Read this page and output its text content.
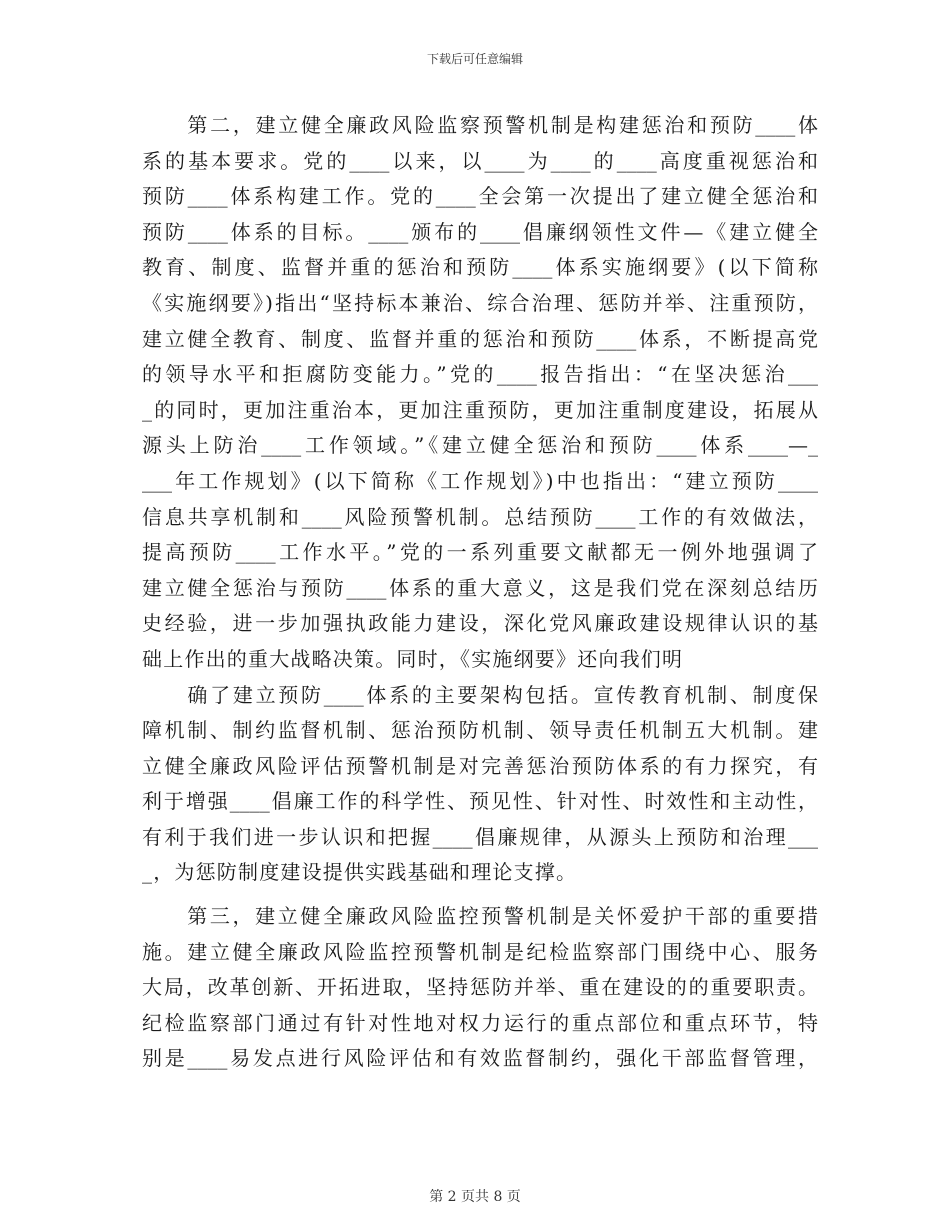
下载后可任意编辑
　　第二，建立健全廉政风险监察预警机制是构建惩治和预防____体
系的基本要求。党的____以来，以____为____的____高度重视惩治和
预防____体系构建工作。党的____全会第一次提出了建立健全惩治和
预防____体系的目标。____颁布的____倡廉纲领性文件—《建立健全
教育、制度、监督并重的惩治和预防____体系实施纲要》(以下简称
《实施纲要》)指出“坚持标本兼治、综合治理、惩防并举、注重预防，
建立健全教育、制度、监督并重的惩治和预防____体系，不断提高党
的领导水平和拒腐防变能力。”党的____报告指出：“在坚决惩治___
_的同时，更加注重治本，更加注重预防，更加注重制度建设，拓展从
源头上防治____工作领域。”《建立健全惩治和预防____体系____—_
___年工作规划》(以下简称《工作规划》)中也指出：“建立预防____
信息共享机制和____风险预警机制。总结预防____工作的有效做法，
提高预防____工作水平。”党的一系列重要文献都无一例外地强调了
建立健全惩治与预防____体系的重大意义，这是我们党在深刻总结历
史经验，进一步加强执政能力建设，深化党风廉政建设规律认识的基
础上作出的重大战略决策。同时，《实施纲要》还向我们明
　　确了建立预防____体系的主要架构包括。宣传教育机制、制度保
障机制、制约监督机制、惩治预防机制、领导责任机制五大机制。建
立健全廉政风险评估预警机制是对完善惩治预防体系的有力探究，有
利于增强____倡廉工作的科学性、预见性、针对性、时效性和主动性，
有利于我们进一步认识和把握____倡廉规律，从源头上预防和治理___
_，为惩防制度建设提供实践基础和理论支撑。
　　第三，建立健全廉政风险监控预警机制是关怀爱护干部的重要措
施。建立健全廉政风险监控预警机制是纪检监察部门围绕中心、服务
大局，改革创新、开拓进取，坚持惩防并举、重在建设的的重要职责。
纪检监察部门通过有针对性地对权力运行的重点部位和重点环节，特
别是____易发点进行风险评估和有效监督制约，强化干部监督管理，
第 2 页共 8 页
